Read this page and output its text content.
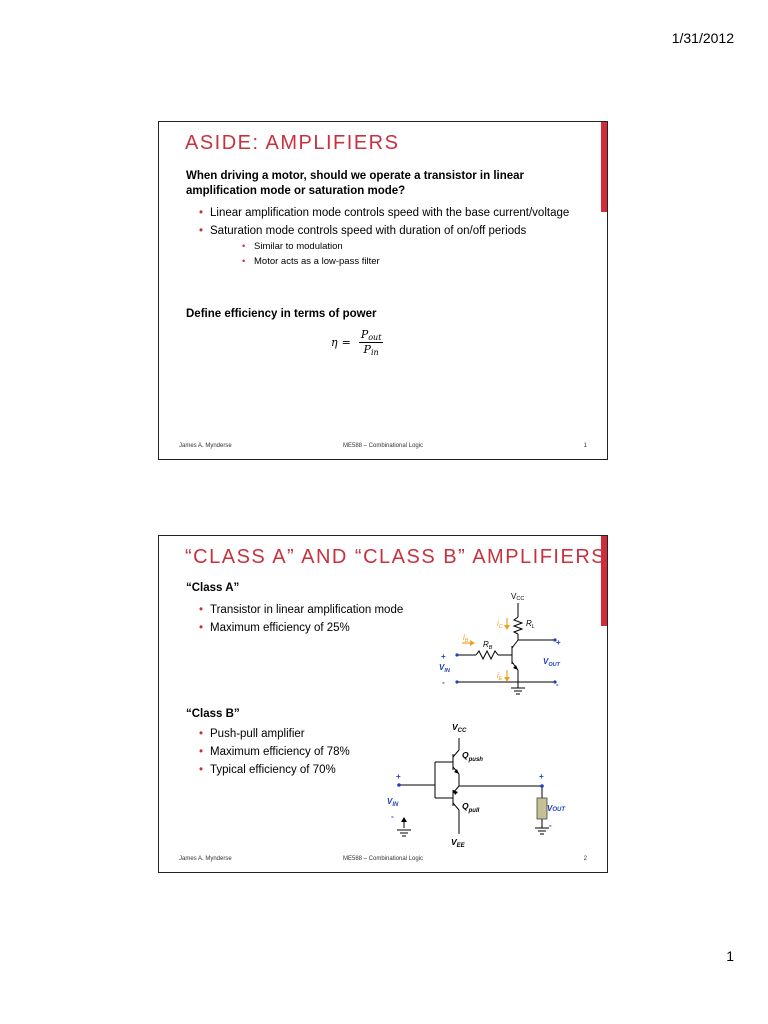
1/31/2012
ASIDE: AMPLIFIERS

When driving a motor, should we operate a transistor in linear amplification mode or saturation mode?

• Linear amplification mode controls speed with the base current/voltage
• Saturation mode controls speed with duration of on/off periods
• Similar to modulation
• Motor acts as a low-pass filter

Define efficiency in terms of power

$\eta = \frac{P_{out}}{P_{in}}$
James A. Mynderse	ME588 – Combinational Logic	1
“CLASS A” AND “CLASS B” AMPLIFIERS

“Class A”

• Transistor in linear amplification mode
• Maximum efficiency of 25%
VCC
$R_L$
$i_C$
$i_B$ $R_B$
$i_E$
+
-
+
-
$V_{IN}$
$V_{OUT}$

“Class B”

• Push-pull amplifier
• Maximum efficiency of 78%
• Typical efficiency of 70%
$V_{CC}$
$Q_{push}$
$Q_{pull}$
$V_{EE}$
+
$V_{IN}$
-
+
VOUT
-
James A. Mynderse	ME588 – Combinational Logic	2
1
